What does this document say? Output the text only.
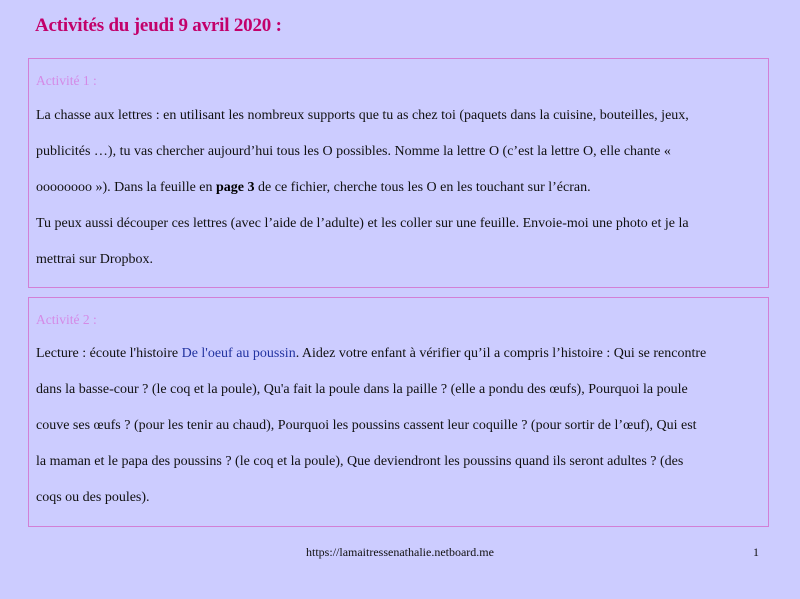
Activités du jeudi 9 avril 2020 :
Activité 1 :
La chasse aux lettres : en utilisant les nombreux supports que tu as chez toi (paquets dans la cuisine, bouteilles, jeux,
publicités …), tu vas chercher aujourd’hui tous les O possibles. Nomme la lettre O (c’est la lettre O, elle chante «
oooooooo »). Dans la feuille en page 3 de ce fichier, cherche tous les O en les touchant sur l’écran.
Tu peux aussi découper ces lettres (avec l’aide de l’adulte) et les coller sur une feuille. Envoie-moi une photo et je la
mettrai sur Dropbox.
Activité 2 :
Lecture : écoute l'histoire De l'oeuf au poussin. Aidez votre enfant à vérifier qu’il a compris l’histoire : Qui se rencontre
dans la basse-cour ? (le coq et la poule), Qu'a fait la poule dans la paille ? (elle a pondu des œufs), Pourquoi la poule
couve ses œufs ? (pour les tenir au chaud), Pourquoi les poussins cassent leur coquille ? (pour sortir de l’œuf), Qui est
la maman et le papa des poussins ? (le coq et la poule), Que deviendront les poussins quand ils seront adultes ? (des
coqs ou des poules).
https://lamaitressenathalie.netboard.me	1
